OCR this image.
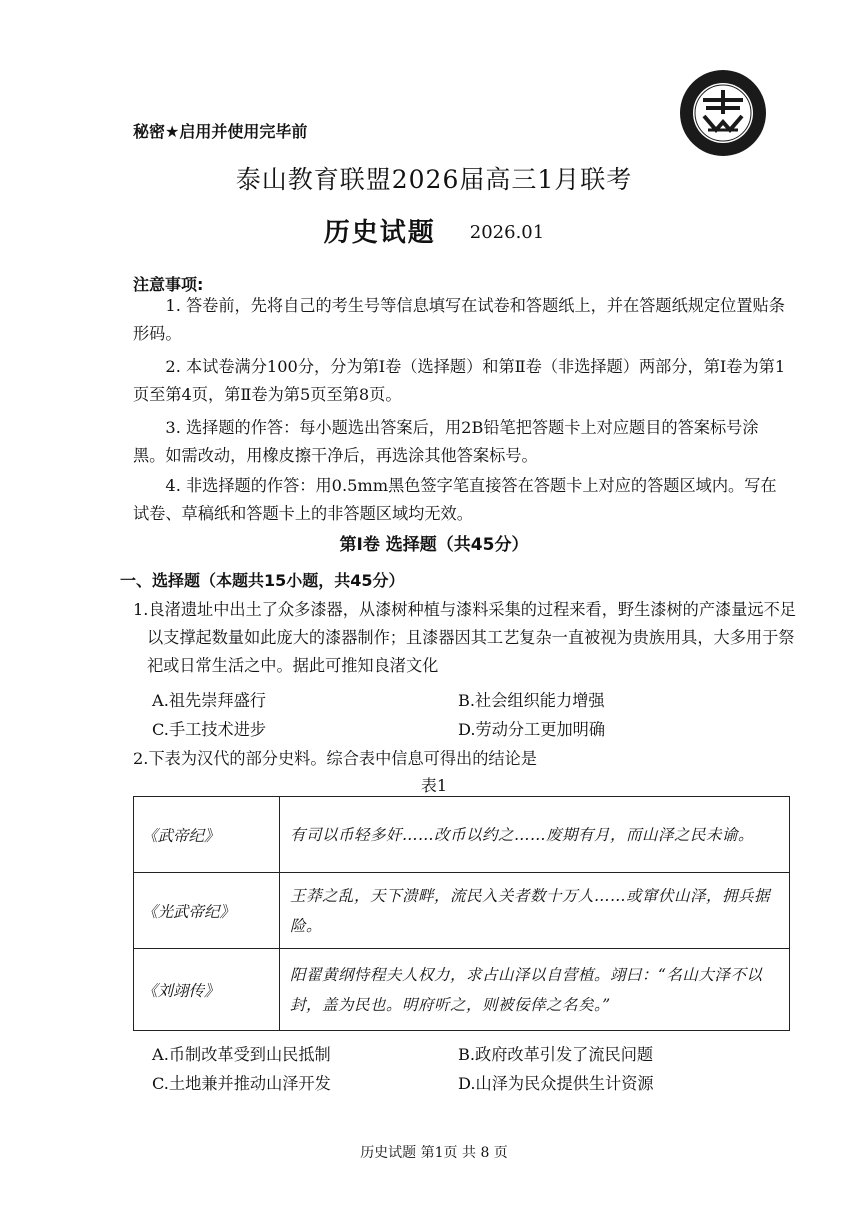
秘密★启用并使用完毕前
泰山教育联盟2026届高三1月联考
历史试题 2026.01
注意事项:
1. 答卷前，先将自己的考生号等信息填写在试卷和答题纸上，并在答题纸规定位置贴条形码。
2. 本试卷满分100分，分为第Ⅰ卷（选择题）和第Ⅱ卷（非选择题）两部分，第Ⅰ卷为第1页至第4页，第Ⅱ卷为第5页至第8页。
3. 选择题的作答：每小题选出答案后，用2B铅笔把答题卡上对应题目的答案标号涂黑。如需改动，用橡皮擦干净后，再选涂其他答案标号。
4. 非选择题的作答：用0.5mm黑色签字笔直接答在答题卡上对应的答题区域内。写在试卷、草稿纸和答题卡上的非答题区域均无效。
第Ⅰ卷 选择题（共45分）
一、选择题（本题共15小题，共45分）
1.良渚遗址中出土了众多漆器，从漆树种植与漆料采集的过程来看，野生漆树的产漆量远不足以支撑起数量如此庞大的漆器制作；且漆器因其工艺复杂一直被视为贵族用具，大多用于祭祀或日常生活之中。据此可推知良渚文化
A.祖先崇拜盛行	B.社会组织能力增强
C.手工技术进步	D.劳动分工更加明确
2.下表为汉代的部分史料。综合表中信息可得出的结论是
表1
《武帝纪》	有司以币轻多奸……改币以约之……废期有月，而山泽之民未谕。
《光武帝纪》	王莽之乱，天下溃畔，流民入关者数十万人……或窜伏山泽，拥兵据险。
《刘翊传》	阳翟黄纲恃程夫人权力，求占山泽以自营植。翊曰：“名山大泽不以封，盖为民也。明府听之，则被佞倖之名矣。”
A.币制改革受到山民抵制	B.政府改革引发了流民问题
C.土地兼并推动山泽开发	D.山泽为民众提供生计资源
历史试题 第1页 共 8 页
